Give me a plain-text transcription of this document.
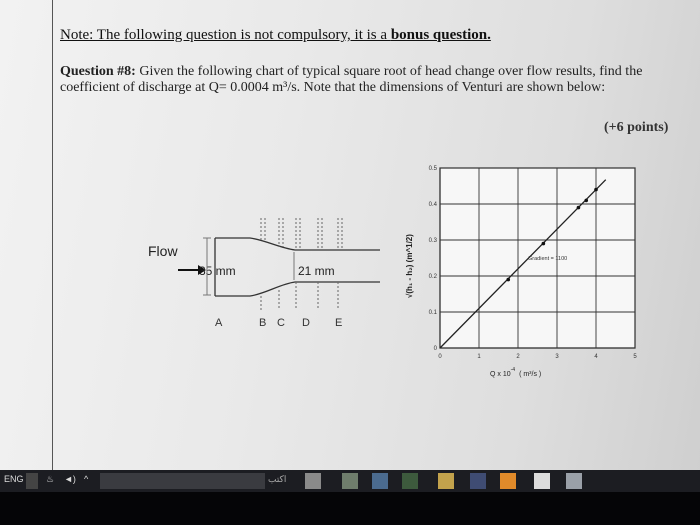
Note: The following question is not compulsory, it is a bonus question.
Question #8: Given the following chart of typical square root of head change over flow results, find the coefficient of discharge at Q= 0.0004 m³/s. Note that the dimensions of Venturi are shown below:
(+6 points)
Flow
35 mm	21 mm
A	B C D E
0	1	2	3	4	5
0
0.1
0.2
0.3
0.4
0.5
Gradient = 1100
√(h₁ - h₂) (m^1/2)
Q x $10^{-4}$( m³/s )
ENG ♨ ◄) ^	اكتب
